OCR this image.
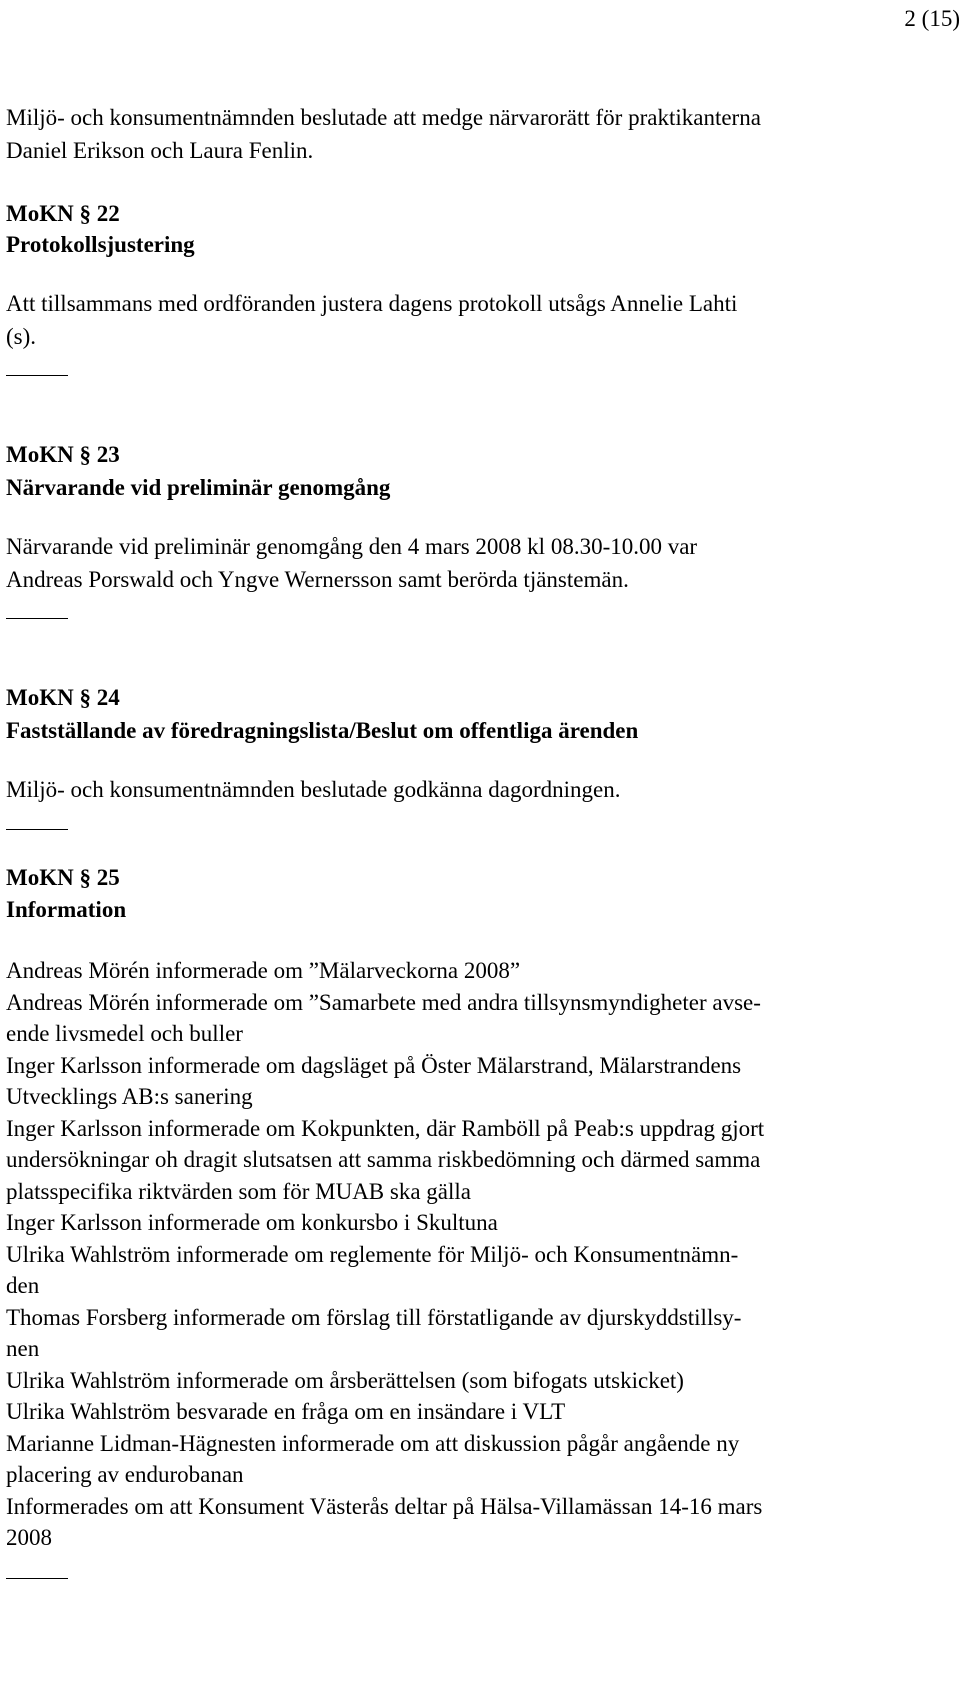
2 (15)
Miljö- och konsumentnämnden beslutade att medge närvarorätt för praktikanterna
Daniel Erikson och Laura Fenlin.
MoKN § 22
Protokollsjustering
Att tillsammans med ordföranden justera dagens protokoll utsågs Annelie Lahti
(s).
MoKN § 23
Närvarande vid preliminär genomgång
Närvarande vid preliminär genomgång den 4 mars 2008 kl 08.30-10.00 var
Andreas Porswald och Yngve Wernersson samt berörda tjänstemän.
MoKN § 24
Fastställande av föredragningslista/Beslut om offentliga ärenden
Miljö- och konsumentnämnden beslutade godkänna dagordningen.
MoKN § 25
Information
Andreas Mörén informerade om ”Mälarveckorna 2008”
Andreas Mörén informerade om ”Samarbete med andra tillsynsmyndigheter avse-
ende livsmedel och buller
Inger Karlsson informerade om dagsläget på Öster Mälarstrand, Mälarstrandens
Utvecklings AB:s sanering
Inger Karlsson informerade om Kokpunkten, där Ramböll på Peab:s uppdrag gjort
undersökningar oh dragit slutsatsen att samma riskbedömning och därmed samma
platsspecifika riktvärden som för MUAB ska gälla
Inger Karlsson informerade om konkursbo i Skultuna
Ulrika Wahlström informerade om reglemente för Miljö- och Konsumentnämn-
den
Thomas Forsberg informerade om förslag till förstatligande av djurskyddstillsy-
nen
Ulrika Wahlström informerade om årsberättelsen (som bifogats utskicket)
Ulrika Wahlström besvarade en fråga om en insändare i VLT
Marianne Lidman-Hägnesten informerade om att diskussion pågår angående ny
placering av endurobanan
Informerades om att Konsument Västerås deltar på Hälsa-Villamässan 14-16 mars
2008
